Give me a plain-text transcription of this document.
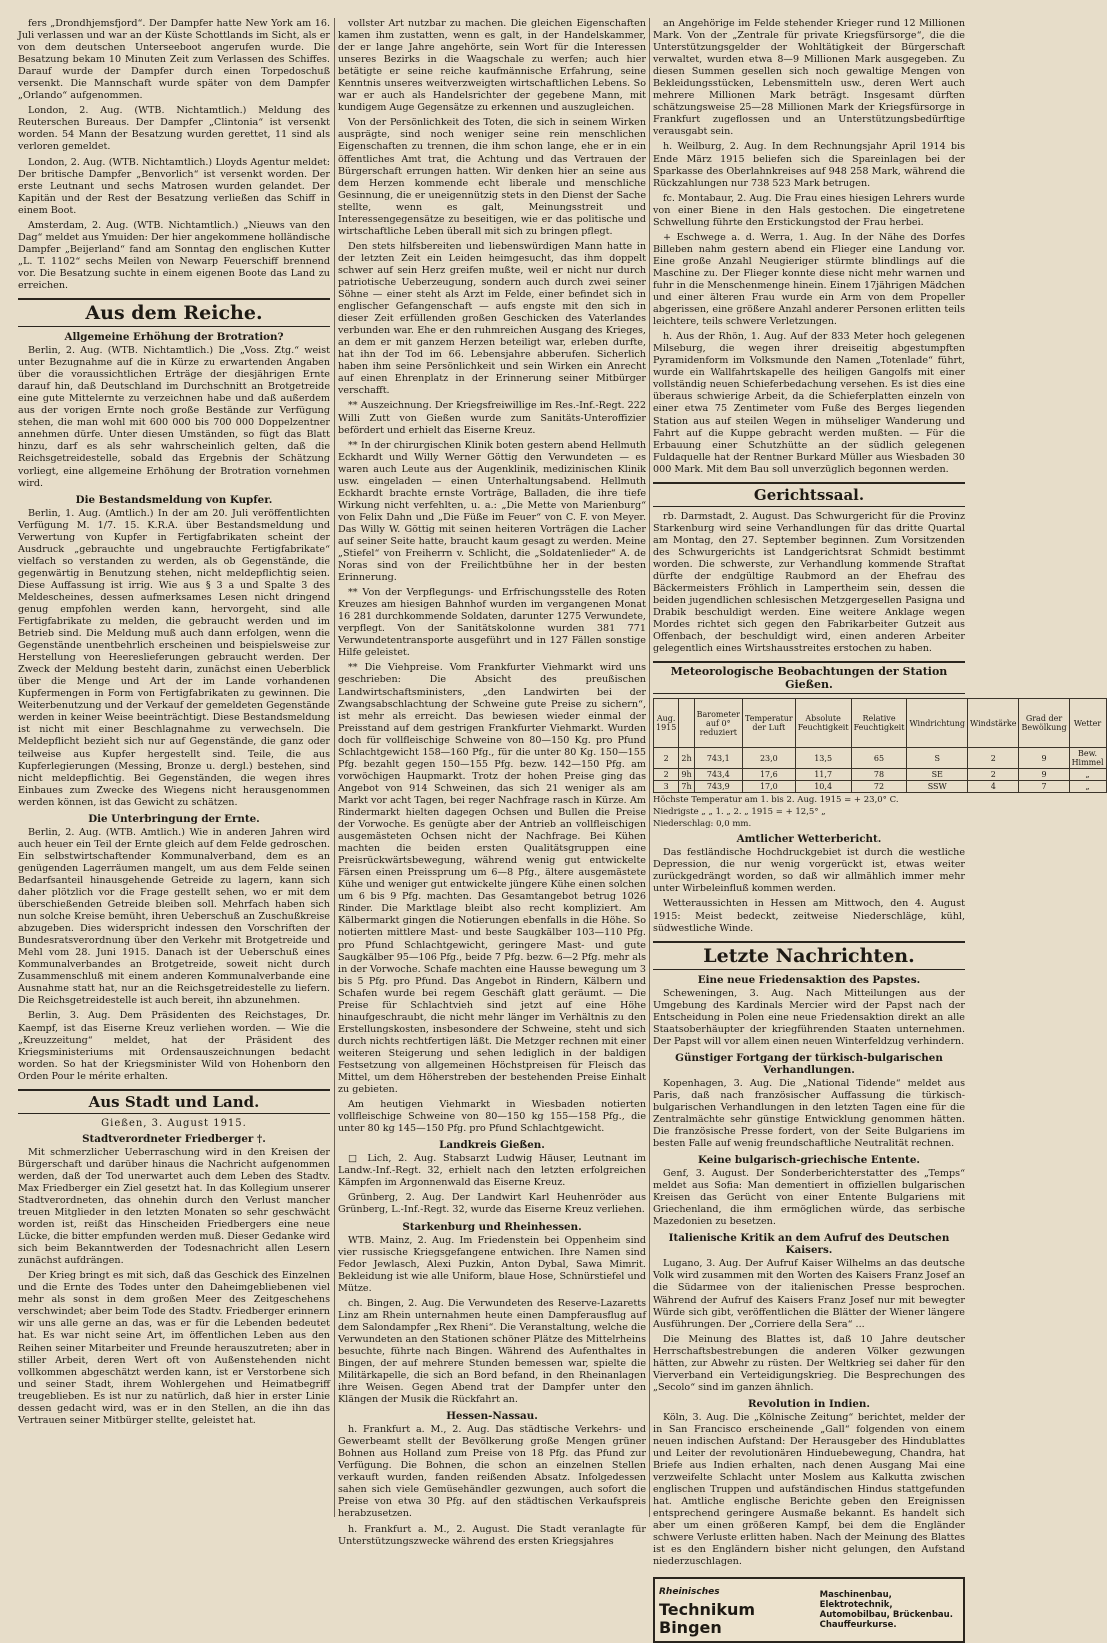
fers „Drondhjemsfjord“. Der Dampfer hatte New York am 16. Juli verlassen und war an der Küste Schottlands im Sicht, als er von dem deutschen Unterseeboot angerufen wurde. Die Besatzung bekam 10 Minuten Zeit zum Verlassen des Schiffes. Darauf wurde der Dampfer durch einen Torpedoschuß versenkt. Die Mannschaft wurde später von dem Dampfer „Orlando“ aufgenommen.

London, 2. Aug. (WTB. Nichtamtlich.) Meldung des Reuterschen Bureaus. Der Dampfer „Clintonia“ ist versenkt worden. 54 Mann der Besatzung wurden gerettet, 11 sind als verloren gemeldet.

London, 2. Aug. (WTB. Nichtamtlich.) Lloyds Agentur meldet: Der britische Dampfer „Benvorlich“ ist versenkt worden. Der erste Leutnant und sechs Matrosen wurden gelandet. Der Kapitän und der Rest der Besatzung verließen das Schiff in einem Boot.

Amsterdam, 2. Aug. (WTB. Nichtamtlich.) „Nieuws van den Dag“ meldet aus Ymuiden: Der hier angekommene holländische Dampfer „Beijerland“ fand am Sonntag den englischen Kutter „L. T. 1102“ sechs Meilen von Newarp Feuerschiff brennend vor. Die Besatzung suchte in einem eigenen Boote das Land zu erreichen.

Aus dem Reiche.
Allgemeine Erhöhung der Brotration?

Berlin, 2. Aug. (WTB. Nichtamtlich.) Die „Voss. Ztg.“ weist unter Bezugnahme auf die in Kürze zu erwartenden Angaben über die voraussichtlichen Erträge der diesjährigen Ernte darauf hin, daß Deutschland im Durchschnitt an Brotgetreide eine gute Mittelernte zu verzeichnen habe und daß außerdem aus der vorigen Ernte noch große Bestände zur Verfügung stehen, die man wohl mit 600 000 bis 700 000 Doppelzentner annehmen dürfe. Unter diesen Umständen, so fügt das Blatt hinzu, darf es als sehr wahrscheinlich gelten, daß die Reichsgetreidestelle, sobald das Ergebnis der Schätzung vorliegt, eine allgemeine Erhöhung der Brotration vornehmen wird.

Die Bestandsmeldung von Kupfer.

Berlin, 1. Aug. (Amtlich.) In der am 20. Juli veröffentlichten Verfügung M. 1/7. 15. K.R.A. über Bestandsmeldung und Verwertung von Kupfer in Fertigfabrikaten scheint der Ausdruck „gebrauchte und ungebrauchte Fertigfabrikate“ vielfach so verstanden zu werden, als ob Gegenstände, die gegenwärtig in Benutzung stehen, nicht meldepflichtig seien. Diese Auffassung ist irrig. Wie aus § 3 a und Spalte 3 des Meldescheines, dessen aufmerksames Lesen nicht dringend genug empfohlen werden kann, hervorgeht, sind alle Fertigfabrikate zu melden, die gebraucht werden und im Betrieb sind. Die Meldung muß auch dann erfolgen, wenn die Gegenstände unentbehrlich erscheinen und beispielsweise zur Herstellung von Heereslieferungen gebraucht werden. Der Zweck der Meldung besteht darin, zunächst einen Ueberblick über die Menge und Art der im Lande vorhandenen Kupfermengen in Form von Fertigfabrikaten zu gewinnen. Die Weiterbenutzung und der Verkauf der gemeldeten Gegenstände werden in keiner Weise beeinträchtigt. Diese Bestandsmeldung ist nicht mit einer Beschlagnahme zu verwechseln. Die Meldepflicht bezieht sich nur auf Gegenstände, die ganz oder teilweise aus Kupfer hergestellt sind. Teile, die aus Kupferlegierungen (Messing, Bronze u. dergl.) bestehen, sind nicht meldepflichtig. Bei Gegenständen, die wegen ihres Einbaues zum Zwecke des Wiegens nicht herausgenommen werden können, ist das Gewicht zu schätzen.

Die Unterbringung der Ernte.

Berlin, 2. Aug. (WTB. Amtlich.) Wie in anderen Jahren wird auch heuer ein Teil der Ernte gleich auf dem Felde gedroschen. Ein selbstwirtschaftender Kommunalverband, dem es an genügenden Lagerräumen mangelt, um aus dem Felde seinen Bedarfsanteil hinausgehende Getreide zu lagern, kann sich daher plötzlich vor die Frage gestellt sehen, wo er mit dem überschießenden Getreide bleiben soll. Mehrfach haben sich nun solche Kreise bemüht, ihren Ueberschuß an Zuschußkreise abzugeben. Dies widerspricht indessen den Vorschriften der Bundesratsverordnung über den Verkehr mit Brotgetreide und Mehl vom 28. Juni 1915. Danach ist der Ueberschuß eines Kommunalverbandes an Brotgetreide, soweit nicht durch Zusammenschluß mit einem anderen Kommunalverbande eine Ausnahme statt hat, nur an die Reichsgetreidestelle zu liefern. Die Reichsgetreidestelle ist auch bereit, ihn abzunehmen.

Berlin, 3. Aug. Dem Präsidenten des Reichstages, Dr. Kaempf, ist das Eiserne Kreuz verliehen worden. — Wie die „Kreuzzeitung“ meldet, hat der Präsident des Kriegsministeriums mit Ordensauszeichnungen bedacht worden. So hat der Kriegsminister Wild von Hohenborn den Orden Pour le mérite erhalten.

Aus Stadt und Land.
Gießen, 3. August 1915.
Stadtverordneter Friedberger †.

Mit schmerzlicher Ueberraschung wird in den Kreisen der Bürgerschaft und darüber hinaus die Nachricht aufgenommen werden, daß der Tod unerwartet auch dem Leben des Stadtv. Max Friedberger ein Ziel gesetzt hat. In das Kollegium unserer Stadtverordneten, das ohnehin durch den Verlust mancher treuen Mitglieder in den letzten Monaten so sehr geschwächt worden ist, reißt das Hinscheiden Friedbergers eine neue Lücke, die bitter empfunden werden muß. Dieser Gedanke wird sich beim Bekanntwerden der Todesnachricht allen Lesern zunächst aufdrängen.

Der Krieg bringt es mit sich, daß das Geschick des Einzelnen und die Ernte des Todes unter den Daheimgebliebenen viel mehr als sonst in dem großen Meer des Zeitgeschehens verschwindet; aber beim Tode des Stadtv. Friedberger erinnern wir uns alle gerne an das, was er für die Lebenden bedeutet hat. Es war nicht seine Art, im öffentlichen Leben aus den Reihen seiner Mitarbeiter und Freunde herauszutreten; aber in stiller Arbeit, deren Wert oft von Außenstehenden nicht vollkommen abgeschätzt werden kann, ist er Verstorbene sich und seiner Stadt, ihrem Wohlergehen und Heimatbegriff treugeblieben. Es ist nur zu natürlich, daß hier in erster Linie dessen gedacht wird, was er in den Stellen, an die ihn das Vertrauen seiner Mitbürger stellte, geleistet hat.

vollster Art nutzbar zu machen. Die gleichen Eigenschaften kamen ihm zustatten, wenn es galt, in der Handelskammer, der er lange Jahre angehörte, sein Wort für die Interessen unseres Bezirks in die Waagschale zu werfen; auch hier betätigte er seine reiche kaufmännische Erfahrung, seine Kenntnis unseres weitverzweigten wirtschaftlichen Lebens. So war er auch als Handelsrichter der gegebene Mann, mit kundigem Auge Gegensätze zu erkennen und auszugleichen.

Von der Persönlichkeit des Toten, die sich in seinem Wirken ausprägte, sind noch weniger seine rein menschlichen Eigenschaften zu trennen, die ihm schon lange, ehe er in ein öffentliches Amt trat, die Achtung und das Vertrauen der Bürgerschaft errungen hatten. Wir denken hier an seine aus dem Herzen kommende echt liberale und menschliche Gesinnung, die er uneigennützig stets in den Dienst der Sache stellte, wenn es galt, Meinungsstreit und Interessengegensätze zu beseitigen, wie er das politische und wirtschaftliche Leben überall mit sich zu bringen pflegt.

Den stets hilfsbereiten und liebenswürdigen Mann hatte in der letzten Zeit ein Leiden heimgesucht, das ihm doppelt schwer auf sein Herz greifen mußte, weil er nicht nur durch patriotische Ueberzeugung, sondern auch durch zwei seiner Söhne — einer steht als Arzt im Felde, einer befindet sich in englischer Gefangenschaft — aufs engste mit den sich in dieser Zeit erfüllenden großen Geschicken des Vaterlandes verbunden war. Ehe er den ruhmreichen Ausgang des Krieges, an dem er mit ganzem Herzen beteiligt war, erleben durfte, hat ihn der Tod im 66. Lebensjahre abberufen. Sicherlich haben ihm seine Persönlichkeit und sein Wirken ein Anrecht auf einen Ehrenplatz in der Erinnerung seiner Mitbürger verschafft.

** Auszeichnung. Der Kriegsfreiwillige im Res.-Inf.-Regt. 222 Willi Zutt von Gießen wurde zum Sanitäts-Unteroffizier befördert und erhielt das Eiserne Kreuz.

** In der chirurgischen Klinik boten gestern abend Hellmuth Eckhardt und Willy Werner Göttig den Verwundeten — es waren auch Leute aus der Augenklinik, medizinischen Klinik usw. eingeladen — einen Unterhaltungsabend. Hellmuth Eckhardt brachte ernste Vorträge, Balladen, die ihre tiefe Wirkung nicht verfehlten, u. a.: „Die Mette von Marienburg“ von Felix Dahn und „Die Füße im Feuer“ von C. F. von Meyer. Das Willy W. Göttig mit seinen heiteren Vorträgen die Lacher auf seiner Seite hatte, braucht kaum gesagt zu werden. Meine „Stiefel“ von Freiherrn v. Schlicht, die „Soldatenlieder“ A. de Noras sind von der Freilichtbühne her in der besten Erinnerung.

** Von der Verpflegungs- und Erfrischungsstelle des Roten Kreuzes am hiesigen Bahnhof wurden im vergangenen Monat 16 281 durchkommende Soldaten, darunter 1275 Verwundete, verpflegt. Von der Sanitätskolonne wurden 381 771 Verwundetentransporte ausgeführt und in 127 Fällen sonstige Hilfe geleistet.

** Die Viehpreise. Vom Frankfurter Viehmarkt wird uns geschrieben: Die Absicht des preußischen Landwirtschaftsministers, „den Landwirten bei der Zwangsabschlachtung der Schweine gute Preise zu sichern“, ist mehr als erreicht. Das bewiesen wieder einmal der Preisstand auf dem gestrigen Frankfurter Viehmarkt. Wurden doch für vollfleischige Schweine von 80—150 Kg. pro Pfund Schlachtgewicht 158—160 Pfg., für die unter 80 Kg. 150—155 Pfg. bezahlt gegen 150—155 Pfg. bezw. 142—150 Pfg. am vorwöchigen Haupmarkt. Trotz der hohen Preise ging das Angebot von 914 Schweinen, das sich 21 weniger als am Markt vor acht Tagen, bei reger Nachfrage rasch in Kürze. Am Rindermarkt hielten dagegen Ochsen und Bullen die Preise der Vorwoche. Es genügte aber der Antrieb an vollfleischigen ausgemästeten Ochsen nicht der Nachfrage. Bei Kühen machten die beiden ersten Qualitätsgruppen eine Preisrückwärtsbewegung, während wenig gut entwickelte Färsen einen Preissprung um 6—8 Pfg., ältere ausgemästete Kühe und weniger gut entwickelte jüngere Kühe einen solchen um 6 bis 9 Pfg. machten. Das Gesamtangebot betrug 1026 Rinder. Die Marktlage bleibt also recht kompliziert. Am Kälbermarkt gingen die Notierungen ebenfalls in die Höhe. So notierten mittlere Mast- und beste Saugkälber 103—110 Pfg. pro Pfund Schlachtgewicht, geringere Mast- und gute Saugkälber 95—106 Pfg., beide 7 Pfg. bezw. 6—2 Pfg. mehr als in der Vorwoche. Schafe machten eine Hausse bewegung um 3 bis 5 Pfg. pro Pfund. Das Angebot in Rindern, Kälbern und Schafen wurde bei regem Geschäft glatt geräumt. — Die Preise für Schlachtvieh sind jetzt auf eine Höhe hinaufgeschraubt, die nicht mehr länger im Verhältnis zu den Erstellungskosten, insbesondere der Schweine, steht und sich durch nichts rechtfertigen läßt. Die Metzger rechnen mit einer weiteren Steigerung und sehen lediglich in der baldigen Festsetzung von allgemeinen Höchstpreisen für Fleisch das Mittel, um dem Höherstreben der bestehenden Preise Einhalt zu gebieten.

Am heutigen Viehmarkt in Wiesbaden notierten vollfleischige Schweine von 80—150 kg 155—158 Pfg., die unter 80 kg 145—150 Pfg. pro Pfund Schlachtgewicht.

Landkreis Gießen.

□ Lich, 2. Aug. Stabsarzt Ludwig Häuser, Leutnant im Landw.-Inf.-Regt. 32, erhielt nach den letzten erfolgreichen Kämpfen im Argonnenwald das Eiserne Kreuz.

Grünberg, 2. Aug. Der Landwirt Karl Heuhenröder aus Grünberg, L.-Inf.-Regt. 32, wurde das Eiserne Kreuz verliehen.

Starkenburg und Rheinhessen.

WTB. Mainz, 2. Aug. Im Friedenstein bei Oppenheim sind vier russische Kriegsgefangene entwichen. Ihre Namen sind Fedor Jewlasch, Alexi Puzkin, Anton Dybal, Sawa Mimrit. Bekleidung ist wie alle Uniform, blaue Hose, Schnürstiefel und Mütze.

ch. Bingen, 2. Aug. Die Verwundeten des Reserve-Lazaretts Linz am Rhein unternahmen heute einen Dampferausflug auf dem Salondampfer „Rex Rheni“. Die Veranstaltung, welche die Verwundeten an den Stationen schöner Plätze des Mittelrheins besuchte, führte nach Bingen. Während des Aufenthaltes in Bingen, der auf mehrere Stunden bemessen war, spielte die Militärkapelle, die sich an Bord befand, in den Rheinanlagen ihre Weisen. Gegen Abend trat der Dampfer unter den Klängen der Musik die Rückfahrt an.

Hessen-Nassau.

h. Frankfurt a. M., 2. Aug. Das städtische Verkehrs- und Gewerbeamt stellt der Bevölkerung große Mengen grüner Bohnen aus Holland zum Preise von 18 Pfg. das Pfund zur Verfügung. Die Bohnen, die schon an einzelnen Stellen verkauft wurden, fanden reißenden Absatz. Infolgedessen sahen sich viele Gemüsehändler gezwungen, auch sofort die Preise von etwa 30 Pfg. auf den städtischen Verkaufspreis herabzusetzen.

h. Frankfurt a. M., 2. August. Die Stadt veranlagte für Unterstützungszwecke während des ersten Kriegsjahres

an Angehörige im Felde stehender Krieger rund 12 Millionen Mark. Von der „Zentrale für private Kriegsfürsorge“, die die Unterstützungsgelder der Wohltätigkeit der Bürgerschaft verwaltet, wurden etwa 8—9 Millionen Mark ausgegeben. Zu diesen Summen gesellen sich noch gewaltige Mengen von Bekleidungsstücken, Lebensmitteln usw., deren Wert auch mehrere Millionen Mark beträgt. Insgesamt dürften schätzungsweise 25—28 Millionen Mark der Kriegsfürsorge in Frankfurt zugeflossen und an Unterstützungsbedürftige verausgabt sein.

h. Weilburg, 2. Aug. In dem Rechnungsjahr April 1914 bis Ende März 1915 beliefen sich die Spareinlagen bei der Sparkasse des Oberlahnkreises auf 948 258 Mark, während die Rückzahlungen nur 738 523 Mark betrugen.

fc. Montabaur, 2. Aug. Die Frau eines hiesigen Lehrers wurde von einer Biene in den Hals gestochen. Die eingetretene Schwellung führte den Erstickungstod der Frau herbei.

+ Eschwege a. d. Werra, 1. Aug. In der Nähe des Dorfes Billeben nahm gestern abend ein Flieger eine Landung vor. Eine große Anzahl Neugieriger stürmte blindlings auf die Maschine zu. Der Flieger konnte diese nicht mehr warnen und fuhr in die Menschenmenge hinein. Einem 17jährigen Mädchen und einer älteren Frau wurde ein Arm von dem Propeller abgerissen, eine größere Anzahl anderer Personen erlitten teils leichtere, teils schwere Verletzungen.

h. Aus der Rhön, 1. Aug. Auf der 833 Meter hoch gelegenen Milseburg, die wegen ihrer dreiseitig abgestumpften Pyramidenform im Volksmunde den Namen „Totenlade“ führt, wurde ein Wallfahrtskapelle des heiligen Gangolfs mit einer vollständig neuen Schieferbedachung versehen. Es ist dies eine überaus schwierige Arbeit, da die Schieferplatten einzeln von einer etwa 75 Zentimeter vom Fuße des Berges liegenden Station aus auf steilen Wegen in mühseliger Wanderung und Fahrt auf die Kuppe gebracht werden mußten. — Für die Erbauung einer Schutzhütte an der südlich gelegenen Fuldaquelle hat der Rentner Burkard Müller aus Wiesbaden 30 000 Mark. Mit dem Bau soll unverzüglich begonnen werden.

Gerichtssaal.

rb. Darmstadt, 2. August. Das Schwurgericht für die Provinz Starkenburg wird seine Verhandlungen für das dritte Quartal am Montag, den 27. September beginnen. Zum Vorsitzenden des Schwurgerichts ist Landgerichtsrat Schmidt bestimmt worden. Die schwerste, zur Verhandlung kommende Straftat dürfte der endgültige Raubmord an der Ehefrau des Bäckermeisters Fröhlich in Lampertheim sein, dessen die beiden jugendlichen schlesischen Metzgergesellen Pasigna und Drabik beschuldigt werden. Eine weitere Anklage wegen Mordes richtet sich gegen den Fabrikarbeiter Gutzeit aus Offenbach, der beschuldigt wird, einen anderen Arbeiter gelegentlich eines Wirtshausstreites erstochen zu haben.

Meteorologische Beobachtungen der Station Gießen.
Aug. 1915		Barometer auf 0° reduziert	Temperatur der Luft	Absolute Feuchtigkeit	Relative Feuchtigkeit	Windrichtung	Windstärke	Grad der Bewölkung	Wetter
2	2h	743,1	23,0	13,5	65	S	2	9	Bew. Himmel
2	9h	743,4	17,6	11,7	78	SE	2	9	„
3	7h	743,9	17,0	10,4	72	SSW	4	7	„
Höchste Temperatur am 1. bis 2. Aug. 1915 = + 23,0° C.
Niedrigste „ „ 1. „ 2. „ 1915 = + 12,5° „
Niederschlag: 0,0 mm.
Amtlicher Wetterbericht.

Das festländische Hochdruckgebiet ist durch die westliche Depression, die nur wenig vorgerückt ist, etwas weiter zurückgedrängt worden, so daß wir allmählich immer mehr unter Wirbeleinfluß kommen werden.

Wetteraussichten in Hessen am Mittwoch, den 4. August 1915: Meist bedeckt, zeitweise Niederschläge, kühl, südwestliche Winde.

Letzte Nachrichten.
Eine neue Friedensaktion des Papstes.

Scheweningen, 3. Aug. Nach Mitteilungen aus der Umgebung des Kardinals Mercier wird der Papst nach der Entscheidung in Polen eine neue Friedensaktion direkt an alle Staatsoberhäupter der kriegführenden Staaten unternehmen. Der Papst will vor allem einen neuen Winterfeldzug verhindern.

Günstiger Fortgang der türkisch-bulgarischen Verhandlungen.

Kopenhagen, 3. Aug. Die „National Tidende“ meldet aus Paris, daß nach französischer Auffassung die türkisch-bulgarischen Verhandlungen in den letzten Tagen eine für die Zentralmächte sehr günstige Entwicklung genommen hätten. Die französische Presse fordert, von der Seite Bulgariens im besten Falle auf wenig freundschaftliche Neutralität rechnen.

Keine bulgarisch-griechische Entente.

Genf, 3. August. Der Sonderberichterstatter des „Temps“ meldet aus Sofia: Man dementiert in offiziellen bulgarischen Kreisen das Gerücht von einer Entente Bulgariens mit Griechenland, die ihm ermöglichen würde, das serbische Mazedonien zu besetzen.

Italienische Kritik an dem Aufruf des Deutschen Kaisers.

Lugano, 3. Aug. Der Aufruf Kaiser Wilhelms an das deutsche Volk wird zusammen mit den Worten des Kaisers Franz Josef an die Südarmee von der italienischen Presse besprochen. Während der Aufruf des Kaisers Franz Josef nur mit bewegter Würde sich gibt, veröffentlichen die Blätter der Wiener längere Ausführungen. Der „Corriere della Sera“ ...

Die Meinung des Blattes ist, daß 10 Jahre deutscher Herrschaftsbestrebungen die anderen Völker gezwungen hätten, zur Abwehr zu rüsten. Der Weltkrieg sei daher für den Vierverband ein Verteidigungskrieg. Die Besprechungen des „Secolo“ sind im ganzen ähnlich.

Revolution in Indien.

Köln, 3. Aug. Die „Kölnische Zeitung“ berichtet, melder der in San Francisco erscheinende „Gall“ folgenden von einem neuen indischen Aufstand: Der Herausgeber des Hindublattes und Leiter der revolutionären Hinduebewegung, Chandra, hat Briefe aus Indien erhalten, nach denen Ausgang Mai eine verzweifelte Schlacht unter Moslem aus Kalkutta zwischen englischen Truppen und aufständischen Hindus stattgefunden hat. Amtliche englische Berichte geben den Ereignissen entsprechend geringere Ausmaße bekannt. Es handelt sich aber um einen größeren Kampf, bei dem die Engländer schwere Verluste erlitten haben. Nach der Meinung des Blattes ist es den Engländern bisher nicht gelungen, den Aufstand niederzuschlagen.

Rheinisches
Technikum Bingen
Maschinenbau, Elektrotechnik,
Automobilbau, Brückenbau.
Chauffeurkurse.
